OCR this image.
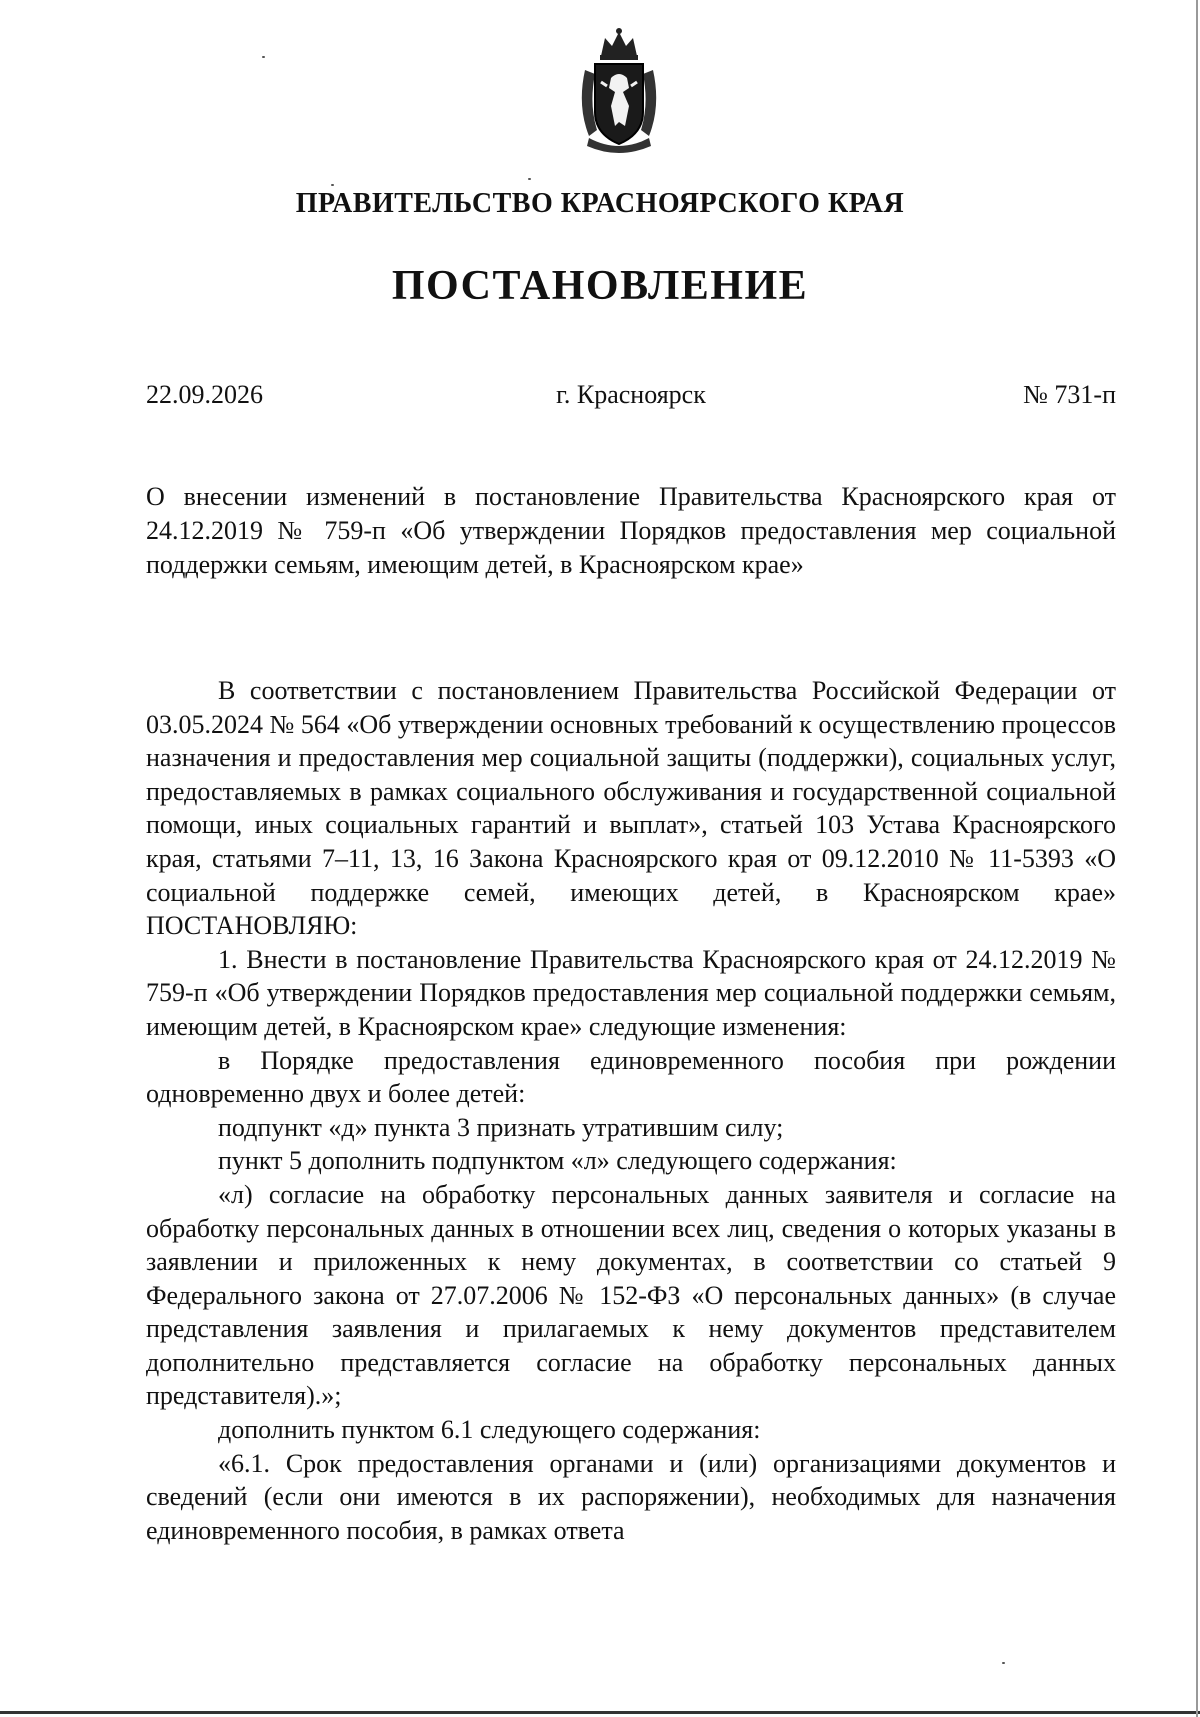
ПРАВИТЕЛЬСТВО КРАСНОЯРСКОГО КРАЯ
ПОСТАНОВЛЕНИЕ
22.09.2026	г. Красноярск	№ 731-п
О внесении изменений в постановление Правительства Красноярского края от 24.12.2019 № 759-п «Об утверждении Порядков предоставления мер социальной поддержки семьям, имеющим детей, в Красноярском крае»

В соответствии с постановлением Правительства Российской Федерации от 03.05.2024 № 564 «Об утверждении основных требований к осуществлению процессов назначения и предоставления мер социальной защиты (поддержки), социальных услуг, предоставляемых в рамках социального обслуживания и государственной социальной помощи, иных социальных гарантий и выплат», статьей 103 Устава Красноярского края, статьями 7–11, 13, 16 Закона Красноярского края от 09.12.2010 № 11-5393 «О социальной поддержке семей, имеющих детей, в Красноярском крае» ПОСТАНОВЛЯЮ:

1. Внести в постановление Правительства Красноярского края от 24.12.2019 № 759-п «Об утверждении Порядков предоставления мер социальной поддержки семьям, имеющим детей, в Красноярском крае» следующие изменения:

в Порядке предоставления единовременного пособия при рождении одновременно двух и более детей:

подпункт «д» пункта 3 признать утратившим силу;

пункт 5 дополнить подпунктом «л» следующего содержания:

«л) согласие на обработку персональных данных заявителя и согласие на обработку персональных данных в отношении всех лиц, сведения о которых указаны в заявлении и приложенных к нему документах, в соответствии со статьей 9 Федерального закона от 27.07.2006 № 152-ФЗ «О персональных данных» (в случае представления заявления и прилагаемых к нему документов представителем дополнительно представляется согласие на обработку персональных данных представителя).»;

дополнить пунктом 6.1 следующего содержания:

«6.1. Срок предоставления органами и (или) организациями документов и сведений (если они имеются в их распоряжении), необходимых для назначения единовременного пособия, в рамках ответа
